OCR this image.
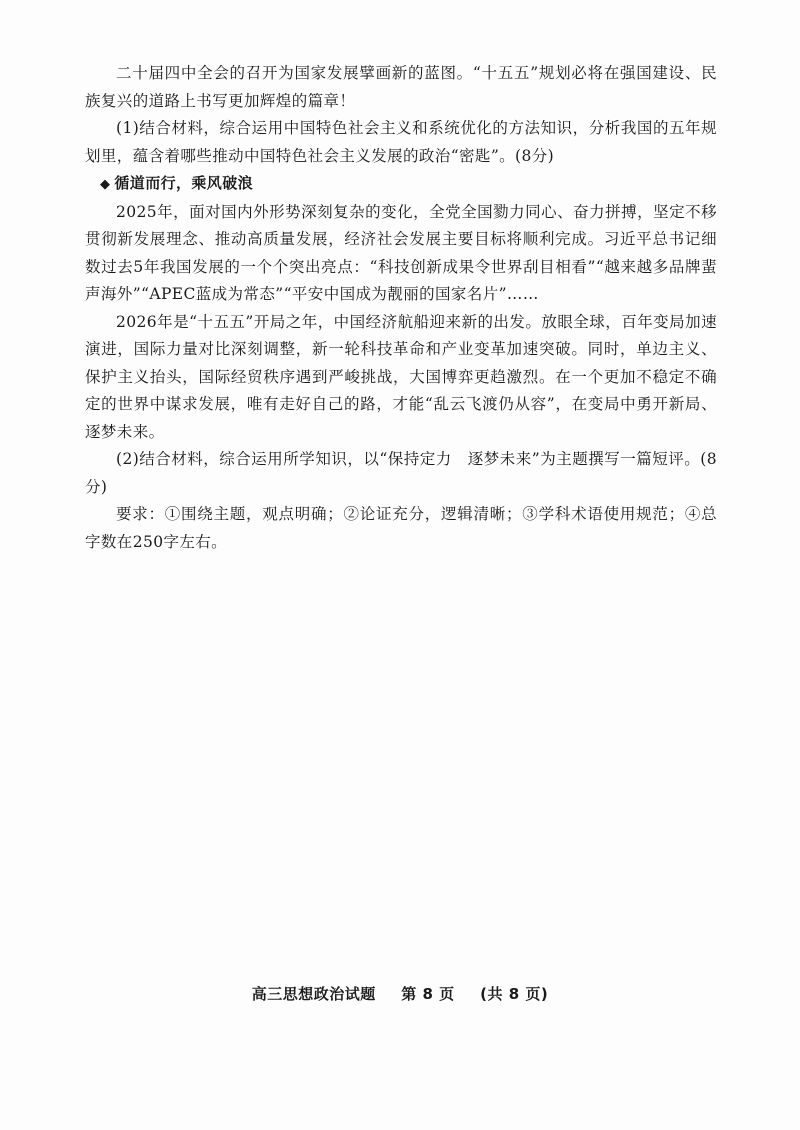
二十届四中全会的召开为国家发展擘画新的蓝图。“十五五”规划必将在强国建设、民族复兴的道路上书写更加辉煌的篇章！

(1)结合材料，综合运用中国特色社会主义和系统优化的方法知识，分析我国的五年规划里，蕴含着哪些推动中国特色社会主义发展的政治“密匙”。(8分)

◆ 循道而行，乘风破浪

2025年，面对国内外形势深刻复杂的变化，全党全国勠力同心、奋力拼搏，坚定不移贯彻新发展理念、推动高质量发展，经济社会发展主要目标将顺利完成。习近平总书记细数过去5年我国发展的一个个突出亮点：“科技创新成果令世界刮目相看”“越来越多品牌蜚声海外”“APEC蓝成为常态”“平安中国成为靓丽的国家名片”……

2026年是“十五五”开局之年，中国经济航船迎来新的出发。放眼全球，百年变局加速演进，国际力量对比深刻调整，新一轮科技革命和产业变革加速突破。同时，单边主义、保护主义抬头，国际经贸秩序遇到严峻挑战，大国博弈更趋激烈。在一个更加不稳定不确定的世界中谋求发展，唯有走好自己的路，才能“乱云飞渡仍从容”，在变局中勇开新局、逐梦未来。

(2)结合材料，综合运用所学知识，以“保持定力　逐梦未来”为主题撰写一篇短评。(8分)

要求：①围绕主题，观点明确；②论证充分，逻辑清晰；③学科术语使用规范；④总字数在250字左右。

高三思想政治试题 第 8 页 (共 8 页)
